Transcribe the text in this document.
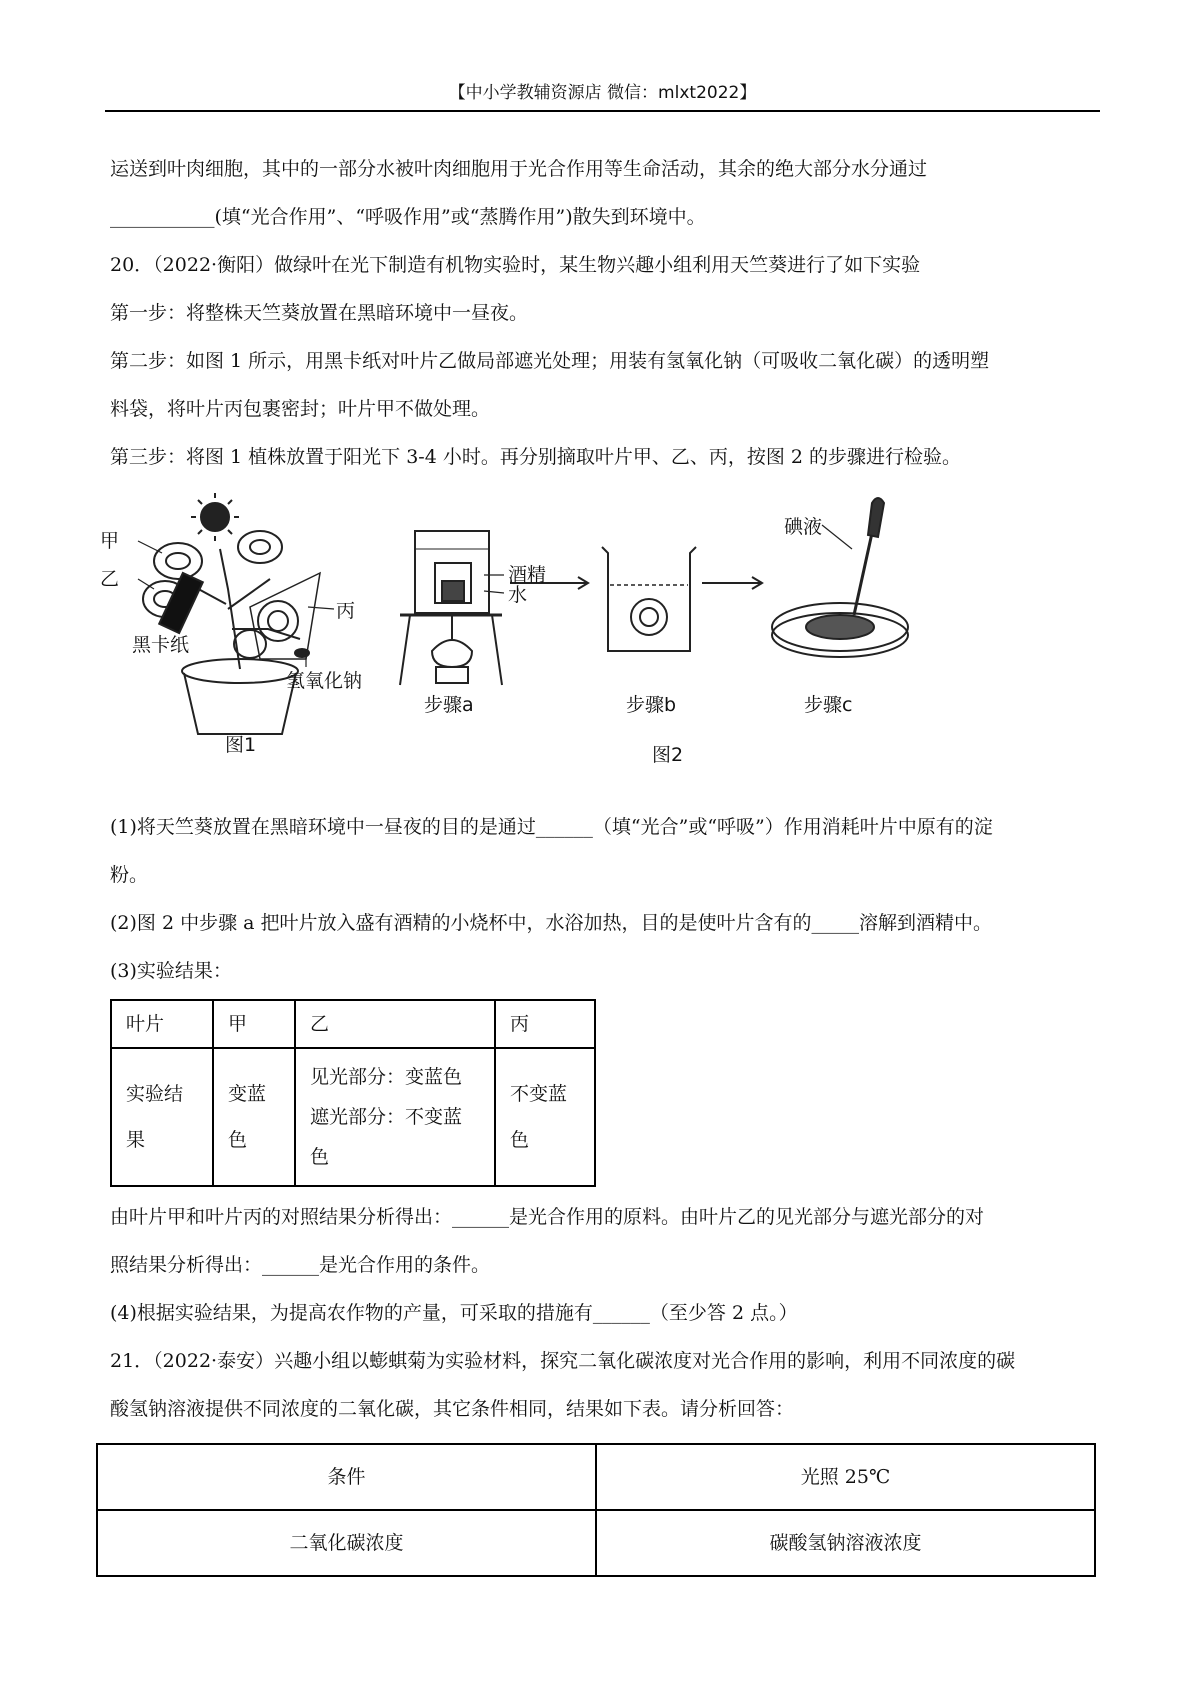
【中小学教辅资源店 微信：mlxt2022】

运送到叶肉细胞，其中的一部分水被叶肉细胞用于光合作用等生命活动，其余的绝大部分水分通过

___________(填“光合作用”、“呼吸作用”或“蒸腾作用”)散失到环境中。

20．（2022·衡阳）做绿叶在光下制造有机物实验时，某生物兴趣小组利用天竺葵进行了如下实验

第一步：将整株天竺葵放置在黑暗环境中一昼夜。

第二步：如图 1 所示，用黑卡纸对叶片乙做局部遮光处理；用装有氢氧化钠（可吸收二氧化碳）的透明塑

料袋，将叶片丙包裹密封；叶片甲不做处理。

第三步：将图 1 植株放置于阳光下 3-4 小时。再分别摘取叶片甲、乙、丙，按图 2 的步骤进行检验。

甲
乙
丙
黑卡纸
氢氧化钠
图1
酒精
水
碘液
步骤a	步骤b	步骤c
图2

(1)将天竺葵放置在黑暗环境中一昼夜的目的是通过______（填“光合”或“呼吸”）作用消耗叶片中原有的淀

粉。

(2)图 2 中步骤 a 把叶片放入盛有酒精的小烧杯中，水浴加热，目的是使叶片含有的_____溶解到酒精中。

(3)实验结果：

叶片	甲	乙	丙
实验结果	变蓝色	见光部分：变蓝色
遮光部分：不变蓝色	不变蓝色

由叶片甲和叶片丙的对照结果分析得出：______是光合作用的原料。由叶片乙的见光部分与遮光部分的对

照结果分析得出：______是光合作用的条件。

(4)根据实验结果，为提高农作物的产量，可采取的措施有______（至少答 2 点。）

21．（2022·泰安）兴趣小组以蟛蜞菊为实验材料，探究二氧化碳浓度对光合作用的影响，利用不同浓度的碳

酸氢钠溶液提供不同浓度的二氧化碳，其它条件相同，结果如下表。请分析回答：

条件	光照 25℃
二氧化碳浓度	碳酸氢钠溶液浓度
